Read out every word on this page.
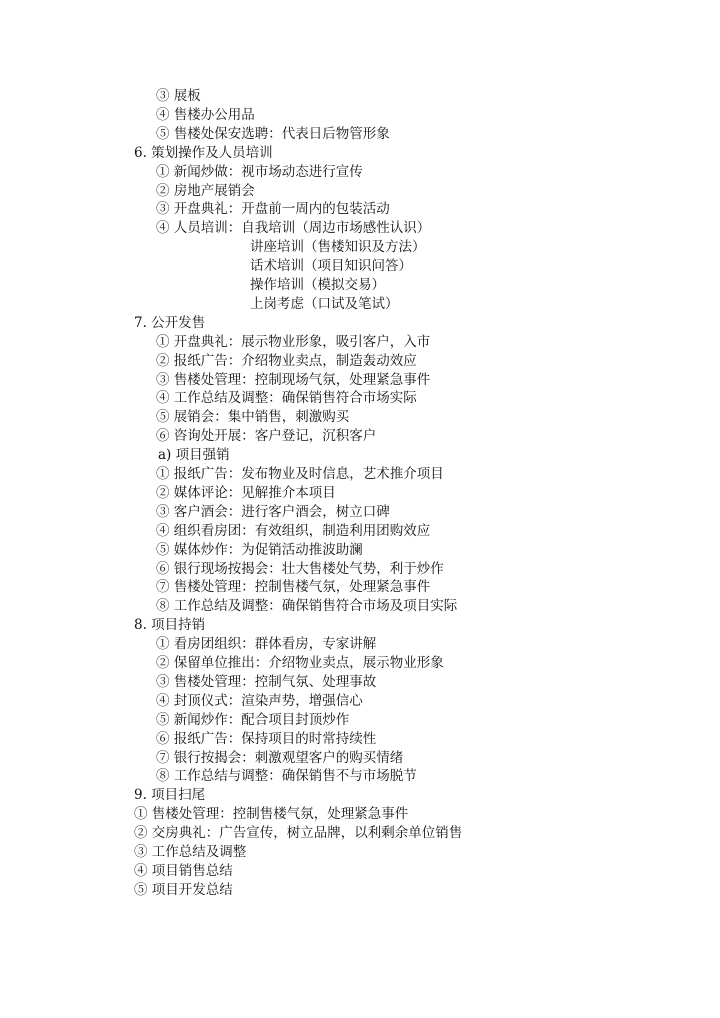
③ 展板
④ 售楼办公用品
⑤ 售楼处保安选聘：代表日后物管形象
6. 策划操作及人员培训
① 新闻炒做：视市场动态进行宣传
② 房地产展销会
③ 开盘典礼：开盘前一周内的包装活动
④ 人员培训：自我培训（周边市场感性认识）
讲座培训（售楼知识及方法）
话术培训（项目知识问答）
操作培训（模拟交易）
上岗考虑（口试及笔试）
7. 公开发售
① 开盘典礼：展示物业形象，吸引客户，入市
② 报纸广告：介绍物业卖点，制造轰动效应
③ 售楼处管理：控制现场气氛，处理紧急事件
④ 工作总结及调整：确保销售符合市场实际
⑤ 展销会：集中销售，刺激购买
⑥ 咨询处开展：客户登记，沉积客户
a) 项目强销
① 报纸广告：发布物业及时信息，艺术推介项目
② 媒体评论：见解推介本项目
③ 客户酒会：进行客户酒会，树立口碑
④ 组织看房团：有效组织，制造利用团购效应
⑤ 媒体炒作：为促销活动推波助澜
⑥ 银行现场按揭会：壮大售楼处气势，利于炒作
⑦ 售楼处管理：控制售楼气氛，处理紧急事件
⑧ 工作总结及调整：确保销售符合市场及项目实际
8. 项目持销
① 看房团组织：群体看房，专家讲解
② 保留单位推出：介绍物业卖点，展示物业形象
③ 售楼处管理：控制气氛、处理事故
④ 封顶仪式：渲染声势，增强信心
⑤ 新闻炒作：配合项目封顶炒作
⑥ 报纸广告：保持项目的时常持续性
⑦ 银行按揭会：刺激观望客户的购买情绪
⑧ 工作总结与调整：确保销售不与市场脱节
9. 项目扫尾
① 售楼处管理：控制售楼气氛，处理紧急事件
② 交房典礼：广告宣传，树立品牌，以利剩余单位销售
③ 工作总结及调整
④ 项目销售总结
⑤ 项目开发总结
